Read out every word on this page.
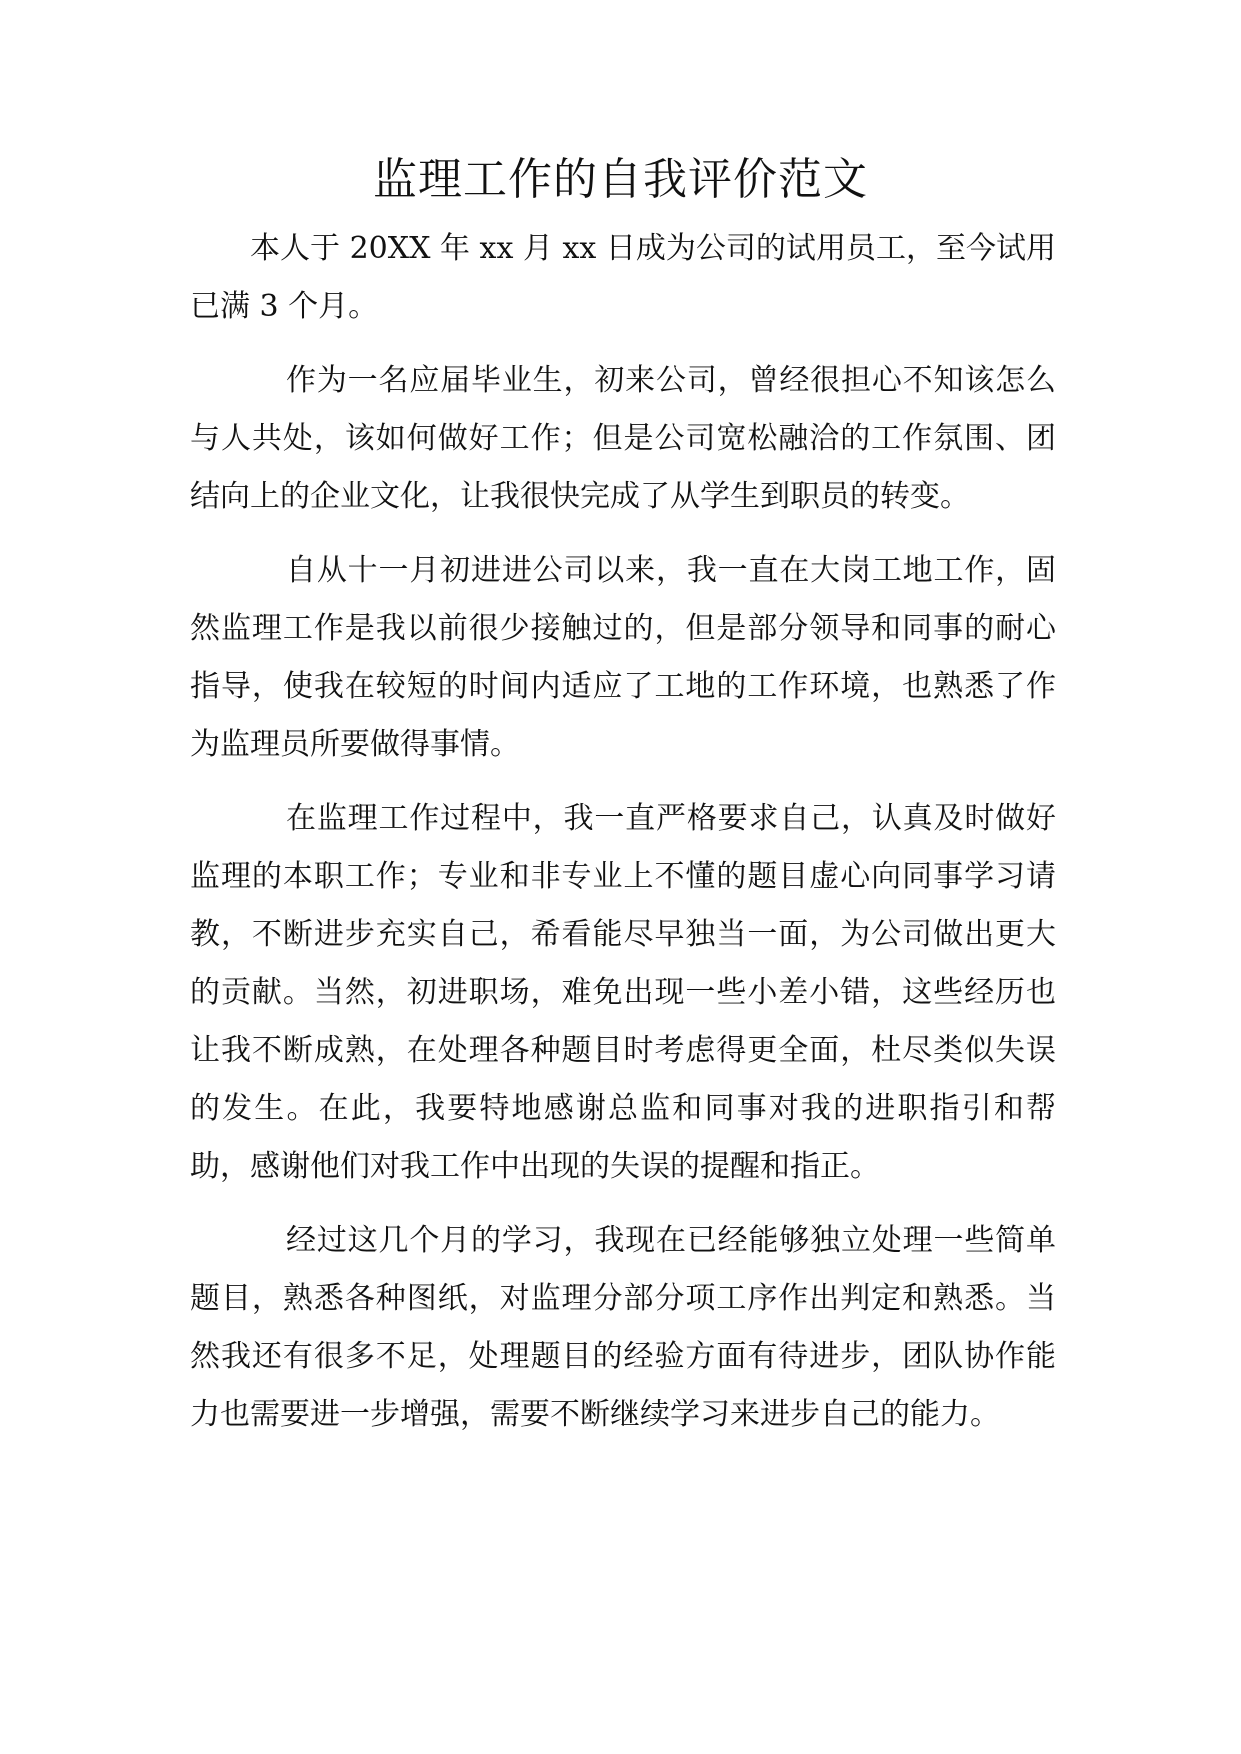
监理工作的自我评价范文

本人于 20XX 年 xx 月 xx 日成为公司的试用员工，至今试用已满 3 个月。

作为一名应届毕业生，初来公司，曾经很担心不知该怎么与人共处，该如何做好工作；但是公司宽松融洽的工作氛围、团结向上的企业文化，让我很快完成了从学生到职员的转变。

自从十一月初进进公司以来，我一直在大岗工地工作，固然监理工作是我以前很少接触过的，但是部分领导和同事的耐心指导，使我在较短的时间内适应了工地的工作环境，也熟悉了作为监理员所要做得事情。

在监理工作过程中，我一直严格要求自己，认真及时做好监理的本职工作；专业和非专业上不懂的题目虚心向同事学习请教，不断进步充实自己，希看能尽早独当一面，为公司做出更大的贡献。当然，初进职场，难免出现一些小差小错，这些经历也让我不断成熟，在处理各种题目时考虑得更全面，杜尽类似失误的发生。在此，我要特地感谢总监和同事对我的进职指引和帮助，感谢他们对我工作中出现的失误的提醒和指正。

经过这几个月的学习，我现在已经能够独立处理一些简单题目，熟悉各种图纸，对监理分部分项工序作出判定和熟悉。当然我还有很多不足，处理题目的经验方面有待进步，团队协作能力也需要进一步增强，需要不断继续学习来进步自己的能力。
